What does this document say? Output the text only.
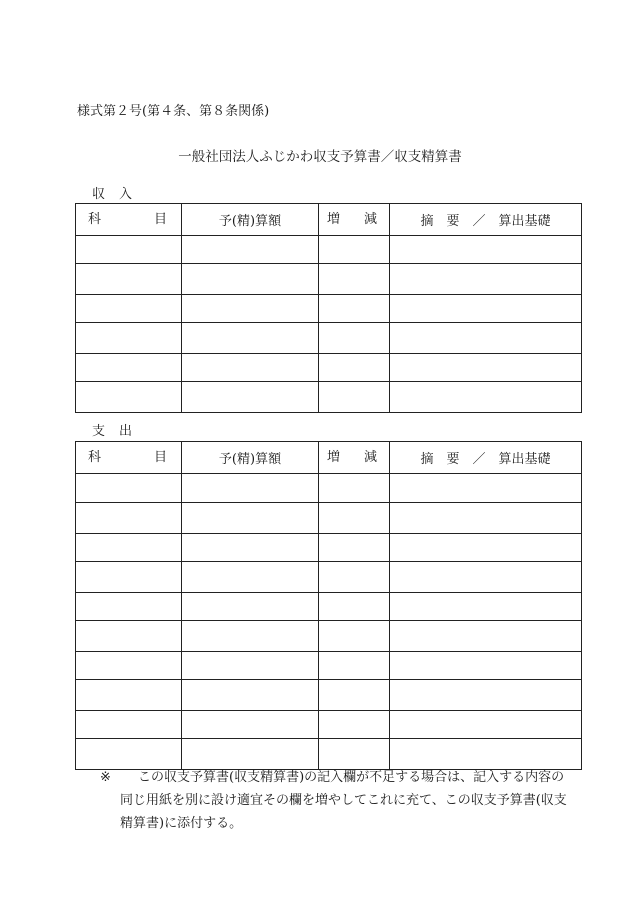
様式第２号(第４条、第８条関係)
一般社団法人ふじかわ収支予算書／収支精算書
収 入
科 目	予(精)算額	増 減	摘　要　／　算出基礎

支 出
科 目	予(精)算額	増 減	摘　要　／　算出基礎

※	この収支予算書(収支精算書)の記入欄が不足する場合は、記入する内容の同じ用紙を別に設け適宜その欄を増やしてこれに充て、この収支予算書(収支精算書)に添付する。
